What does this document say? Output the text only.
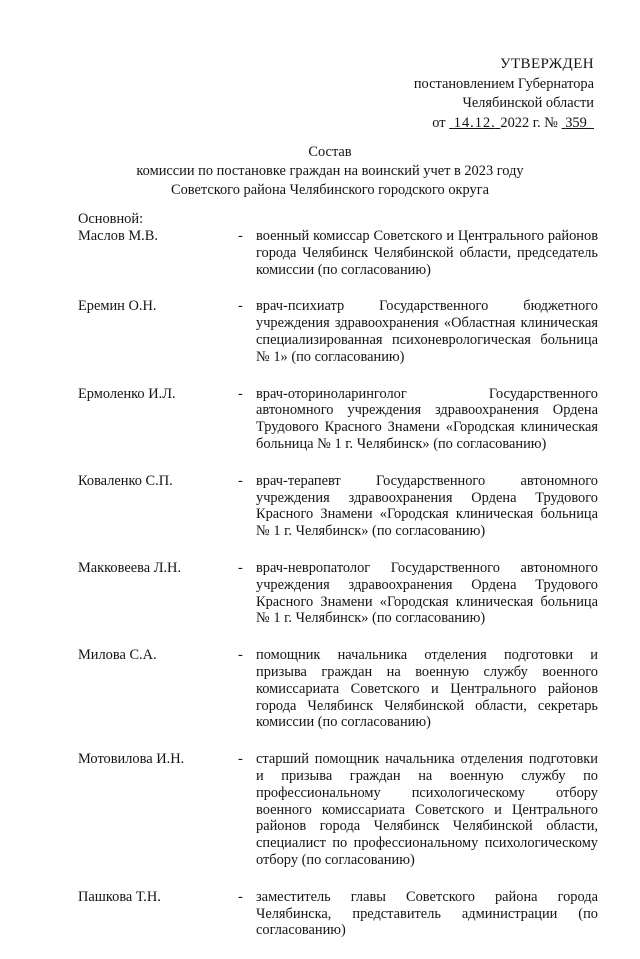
УТВЕРЖДЕН
постановлением Губернатора
Челябинской области
от 14.12. 2022 г. № 359
Состав
комиссии по постановке граждан на воинский учет в 2023 году
Советского района Челябинского городского округа
Основной:
Маслов М.В.	- военный комиссар Советского и Центрального районов города Челябинск Челябинской области, председатель комиссии (по согласованию)
Еремин О.Н.	- врач-психиатр Государственного бюджетного учреждения здравоохранения «Областная клиническая специализированная психоневрологическая больница № 1» (по согласованию)
Ермоленко И.Л.	- врач-оториноларинголог Государственного автономного учреждения здравоохранения Ордена Трудового Красного Знамени «Городская клиническая больница № 1 г. Челябинск» (по согласованию)
Коваленко С.П.	- врач-терапевт Государственного автономного учреждения здравоохранения Ордена Трудового Красного Знамени «Городская клиническая больница № 1 г. Челябинск» (по согласованию)
Макковеева Л.Н.	- врач-невропатолог Государственного автономного учреждения здравоохранения Ордена Трудового Красного Знамени «Городская клиническая больница № 1 г. Челябинск» (по согласованию)
Милова С.А.	- помощник начальника отделения подготовки и призыва граждан на военную службу военного комиссариата Советского и Центрального районов города Челябинск Челябинской области, секретарь комиссии (по согласованию)
Мотовилова И.Н.	- старший помощник начальника отделения подготовки и призыва граждан на военную службу по профессиональному психологическому отбору военного комиссариата Советского и Центрального районов города Челябинск Челябинской области, специалист по профессиональному психологическому отбору (по согласованию)
Пашкова Т.Н.	- заместитель главы Советского района города Челябинска, представитель администрации (по согласованию)
